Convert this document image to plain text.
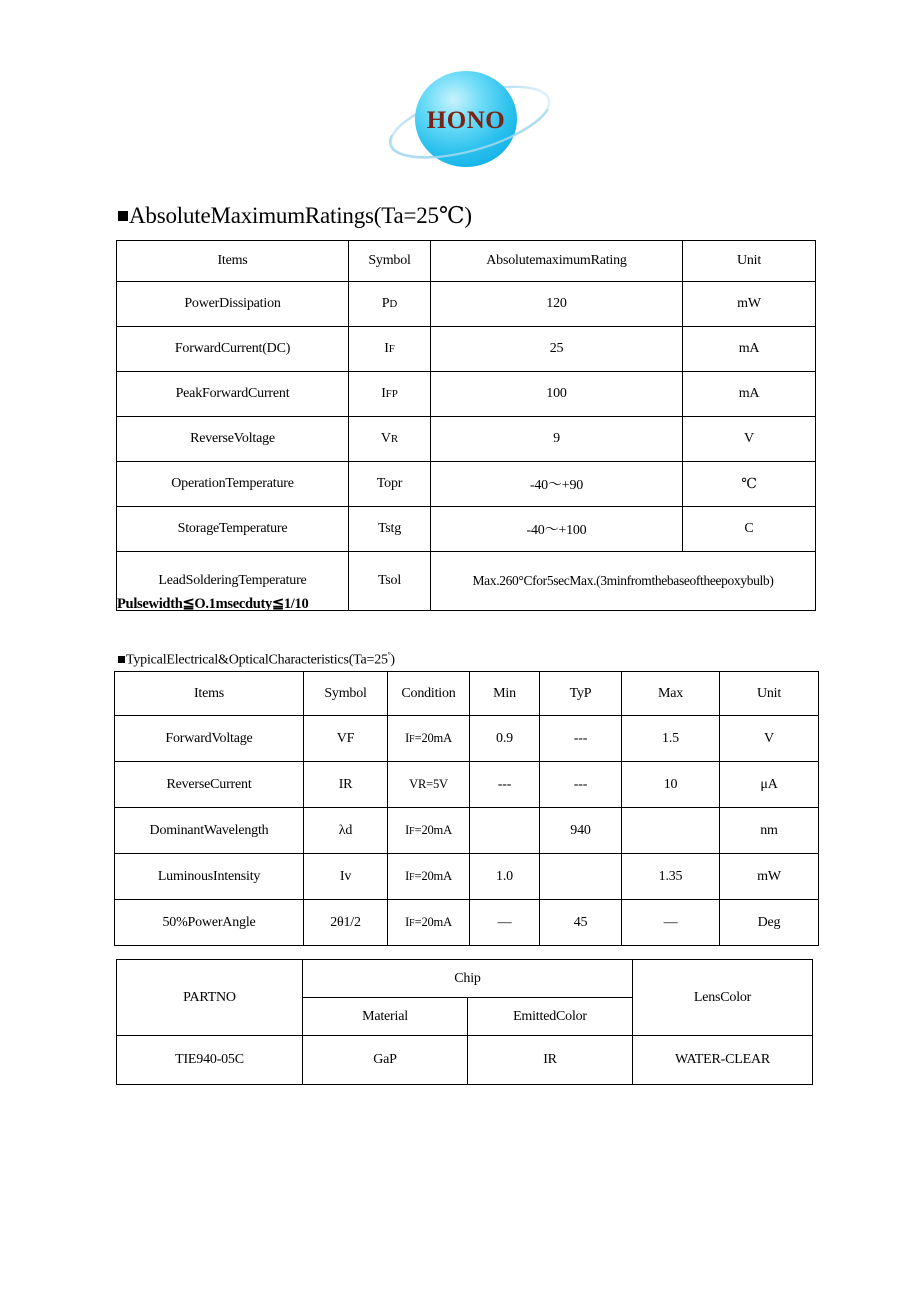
HONO
AbsoluteMaximumRatings(Ta=25℃)
Items	Symbol	AbsolutemaximumRating	Unit
PowerDissipation	PD	120	mW
ForwardCurrent(DC)	IF	25	mA
PeakForwardCurrent	IFP	100	mA
ReverseVoltage	VR	9	V
OperationTemperature	Topr	-40～+90	℃
StorageTemperature	Tstg	-40～+100	C
LeadSolderingTemperature	Tsol	Max.260°Cfor5secMax.(3minfromthebaseoftheepoxybulb)	
Pulsewidth≦O.1msecduty≦1/10
$TypicalElectrical\&OpticalCharacteristics(Ta=25^º)$
Items	Symbol	Condition	Min	TyP	Max	Unit
ForwardVoltage	VF	IF=20mA	0.9	---	1.5	V
ReverseCurrent	IR	VR=5V	---	---	10	μA
DominantWavelength	λd	IF=20mA		940		nm
LuminousIntensity	Iv	IF=20mA	1.0		1.35	mW
50%PowerAngle	2θ1/2	IF=20mA	—	45	—	Deg
PARTNO	Chip		LensColor
	Material	EmittedColor	
TIE940-05C	GaP	IR	WATER-CLEAR
